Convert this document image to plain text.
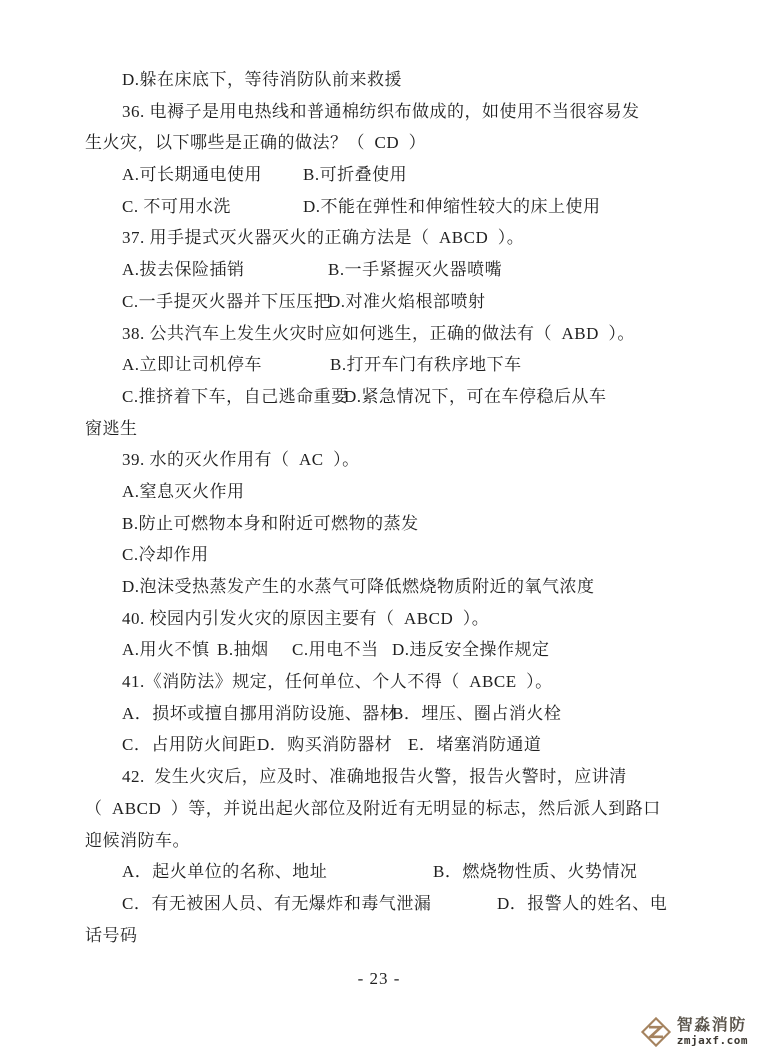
D.躲在床底下，等待消防队前来救援

36. 电褥子是用电热线和普通棉纺织布做成的，如使用不当很容易发

生火灾，以下哪些是正确的做法？（  CD  ）

A.可长期通电使用 B.可折叠使用

C. 不可用水洗	D.不能在弹性和伸缩性较大的床上使用

37. 用手提式灭火器灭火的正确方法是（  ABCD  ）。

A.拔去保险插销	B.一手紧握灭火器喷嘴

C.一手提灭火器并下压压把D.对准火焰根部喷射

38. 公共汽车上发生火灾时应如何逃生，正确的做法有（  ABD  ）。

A.立即让司机停车	B.打开车门有秩序地下车

C.推挤着下车，自己逃命重要D.紧急情况下，可在车停稳后从车

窗逃生

39. 水的灭火作用有（  AC  ）。

A.窒息灭火作用

B.防止可燃物本身和附近可燃物的蒸发

C.冷却作用

D.泡沫受热蒸发产生的水蒸气可降低燃烧物质附近的氧气浓度

40. 校园内引发火灾的原因主要有（  ABCD  ）。

A.用火不慎 B.抽烟 C.用电不当 D.违反安全操作规定

41.《消防法》规定，任何单位、个人不得（  ABCE  ）。

A．损坏或擅自挪用消防设施、器材B．埋压、圈占消火栓

C．占用防火间距D．购买消防器材 E．堵塞消防通道

42.  发生火灾后，应及时、准确地报告火警，报告火警时，应讲清

（  ABCD  ）等，并说出起火部位及附近有无明显的标志，然后派人到路口

迎候消防车。

A．起火单位的名称、地址	B．燃烧物性质、火势情况

C．有无被困人员、有无爆炸和毒气泄漏	D．报警人的姓名、电

话号码

- 23 -
智淼消防
zmjaxf.com
